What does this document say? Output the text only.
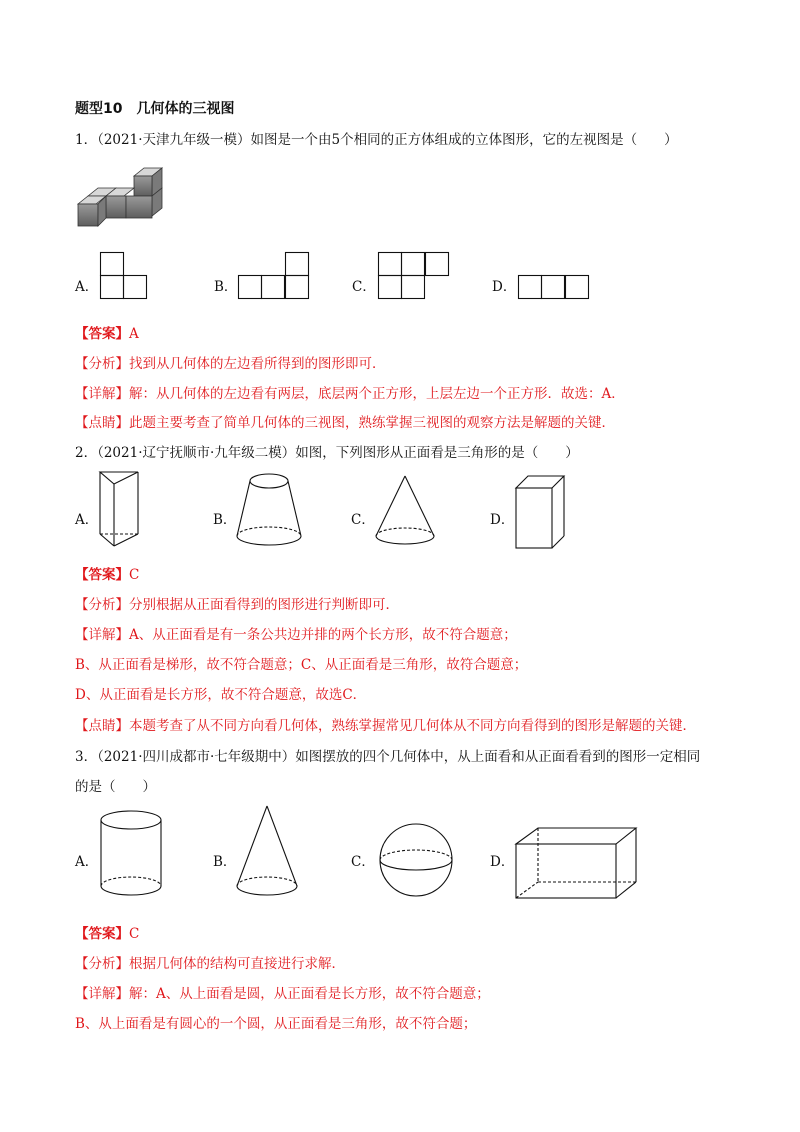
题型10　几何体的三视图
1．（2021·天津九年级一模）如图是一个由5个相同的正方体组成的立体图形，它的左视图是（　　）
A．	B．	C．	D．
【答案】A
【分析】找到从几何体的左边看所得到的图形即可．
【详解】解：从几何体的左边看有两层，底层两个正方形，上层左边一个正方形．故选：A．
【点睛】此题主要考查了简单几何体的三视图，熟练掌握三视图的观察方法是解题的关键．
2．（2021·辽宁抚顺市·九年级二模）如图，下列图形从正面看是三角形的是（　　）
A．	B．	C．	D．
【答案】C
【分析】分别根据从正面看得到的图形进行判断即可．
【详解】A、从正面看是有一条公共边并排的两个长方形，故不符合题意；
B、从正面看是梯形，故不符合题意；C、从正面看是三角形，故符合题意；
D、从正面看是长方形，故不符合题意，故选C．
【点睛】本题考查了从不同方向看几何体，熟练掌握常见几何体从不同方向看得到的图形是解题的关键．
3．（2021·四川成都市·七年级期中）如图摆放的四个几何体中，从上面看和从正面看看到的图形一定相同
的是（　　）
A．	B．	C．	D．
【答案】C
【分析】根据几何体的结构可直接进行求解．
【详解】解：A、从上面看是圆，从正面看是长方形，故不符合题意；
B、从上面看是有圆心的一个圆，从正面看是三角形，故不符合题；
